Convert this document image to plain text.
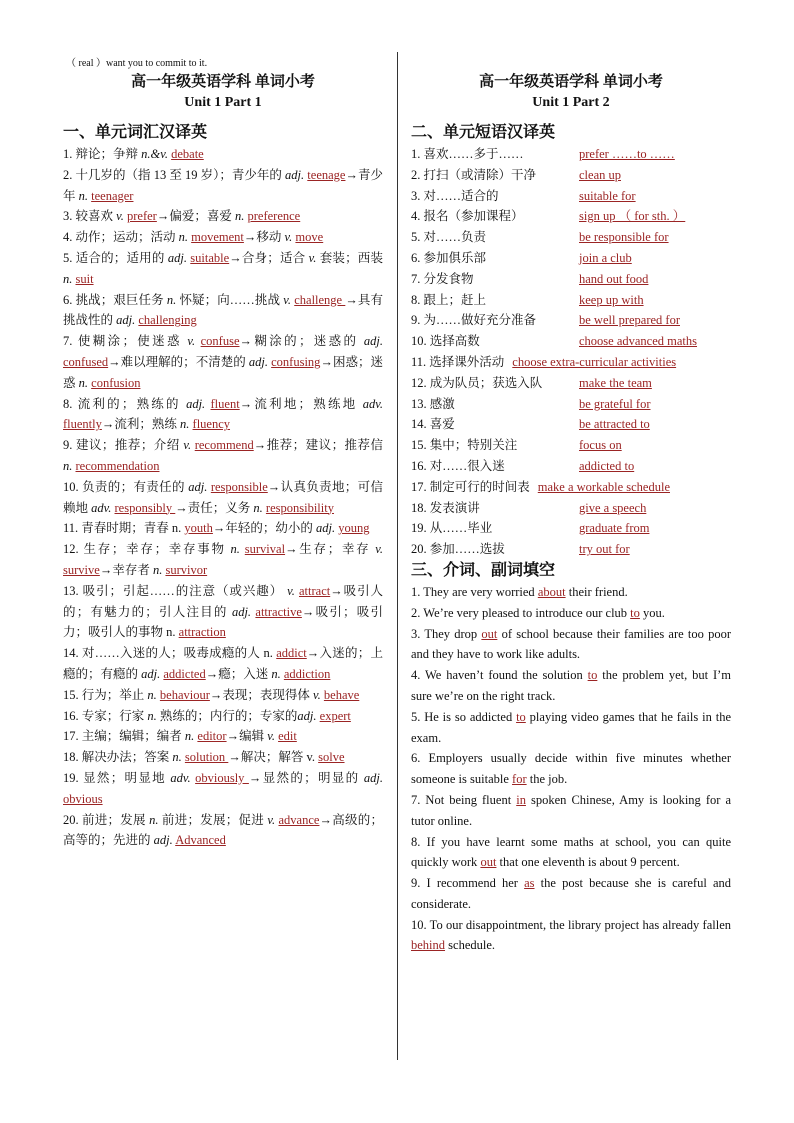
（ real ）want you to commit to it.
高一年级英语学科 单词小考
Unit 1 Part 1
一、单元词汇汉译英
1. 辩论；争辩 n.&v. debate
2. 十几岁的（指 13 至 19 岁）；青少年的 adj. teenage→青少年 n. teenager
3. 较喜欢 v. prefer→偏爱；喜爱 n. preference
4. 动作；运动；活动 n. movement→移动 v. move
5. 适合的；适用的 adj. suitable→合身；适合 v. 套装；西装 n. suit
6. 挑战；艰巨任务 n. 怀疑；向……挑战 v. challenge →具有挑战性的 adj. challenging
7. 使糊涂；使迷惑 v. confuse→糊涂的；迷惑的 adj. confused→难以理解的；不清楚的 adj. confusing→困惑；迷惑 n. confusion
8. 流利的；熟练的 adj. fluent→流利地；熟练地 adv. fluently→流利；熟练 n. fluency
9. 建议；推荐；介绍 v. recommend→推荐；建议；推荐信 n. recommendation
10. 负责的；有责任的 adj. responsible→认真负责地；可信赖地 adv. responsibly →责任；义务 n. responsibility
11. 青春时期；青春 n. youth→年轻的；幼小的 adj. young
12. 生存；幸存；幸存事物 n. survival→生存；幸存 v. survive→幸存者 n. survivor
13. 吸引；引起……的注意（或兴趣） v. attract→吸引人的；有魅力的；引人注目的 adj. attractive→吸引；吸引力；吸引人的事物 n. attraction
14. 对……入迷的人；吸毒成瘾的人 n. addict→入迷的；上瘾的；有瘾的 adj. addicted→瘾；入迷 n. addiction
15. 行为；举止 n. behaviour→表现；表现得体 v. behave
16. 专家；行家 n. 熟练的；内行的；专家的adj. expert
17. 主编；编辑；编者 n. editor→编辑 v. edit
18. 解决办法；答案 n. solution →解决；解答 v. solve
19. 显然；明显地 adv. obviously →显然的；明显的 adj. obvious
20. 前进；发展 n. 前进；发展；促进 v. advance→高级的；高等的；先进的 adj. Advanced
高一年级英语学科 单词小考
Unit 1 Part 2
二、单元短语汉译英
1. 喜欢……多于……	prefer ……to ……
2. 打扫（或清除）干净	clean up
3. 对……适合的	suitable for
4. 报名（参加课程）	sign up （ for sth. ）
5. 对……负责	be responsible for
6. 参加俱乐部	join a club
7. 分发食物	hand out food
8. 跟上；赶上	keep up with
9. 为……做好充分准备	be well prepared for
10. 选择高数	choose advanced maths
11. 选择课外活动 choose extra-curricular activities
12. 成为队员；获选入队	make the team
13. 感激	be grateful for
14. 喜爱	be attracted to
15. 集中；特别关注	focus on
16. 对……很入迷	addicted to
17. 制定可行的时间表 make a workable schedule
18. 发表演讲	give a speech
19. 从……毕业	graduate from
20. 参加……选拔	try out for
三、介词、副词填空
1. They are very worried about their friend.
2. We’re very pleased to introduce our club to you.
3. They drop out of school because their families are too poor and they have to work like adults.
4. We haven’t found the solution to the problem yet, but I’m sure we’re on the right track.
5. He is so addicted to playing video games that he fails in the exam.
6. Employers usually decide within five minutes whether someone is suitable for the job.
7. Not being fluent in spoken Chinese, Amy is looking for a tutor online.
8. If you have learnt some maths at school, you can quite quickly work out that one eleventh is about 9 percent.
9. I recommend her as the post because she is careful and considerate.
10. To our disappointment, the library project has already fallen behind schedule.
